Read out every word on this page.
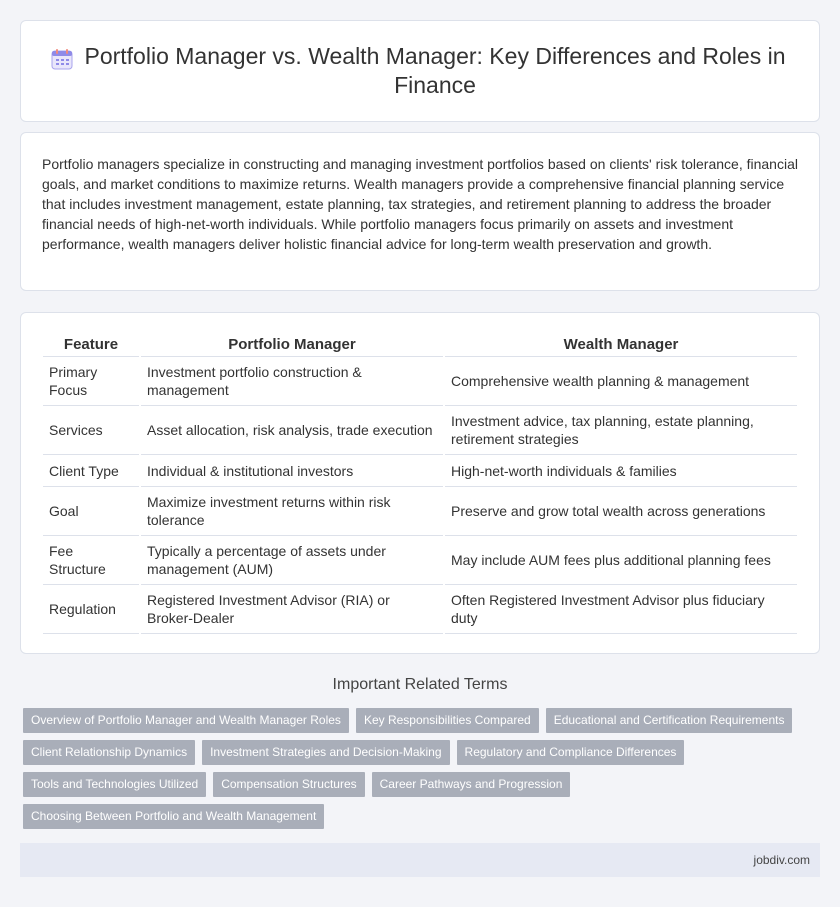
Portfolio Manager vs. Wealth Manager: Key Differences and Roles in Finance

Portfolio managers specialize in constructing and managing investment portfolios based on clients' risk tolerance, financial goals, and market conditions to maximize returns. Wealth managers provide a comprehensive financial planning service that includes investment management, estate planning, tax strategies, and retirement planning to address the broader financial needs of high-net-worth individuals. While portfolio managers focus primarily on assets and investment performance, wealth managers deliver holistic financial advice for long-term wealth preservation and growth.

Feature	Portfolio Manager	Wealth Manager
Primary Focus	Investment portfolio construction & management	Comprehensive wealth planning & management
Services	Asset allocation, risk analysis, trade execution	Investment advice, tax planning, estate planning, retirement strategies
Client Type	Individual & institutional investors	High-net-worth individuals & families
Goal	Maximize investment returns within risk tolerance	Preserve and grow total wealth across generations
Fee Structure	Typically a percentage of assets under management (AUM)	May include AUM fees plus additional planning fees
Regulation	Registered Investment Advisor (RIA) or Broker-Dealer	Often Registered Investment Advisor plus fiduciary duty
Important Related Terms
Overview of Portfolio Manager and Wealth Manager Roles	Key Responsibilities Compared	Educational and Certification Requirements
Client Relationship Dynamics	Investment Strategies and Decision-Making	Regulatory and Compliance Differences
Tools and Technologies Utilized	Compensation Structures	Career Pathways and Progression
Choosing Between Portfolio and Wealth Management
jobdiv.com
